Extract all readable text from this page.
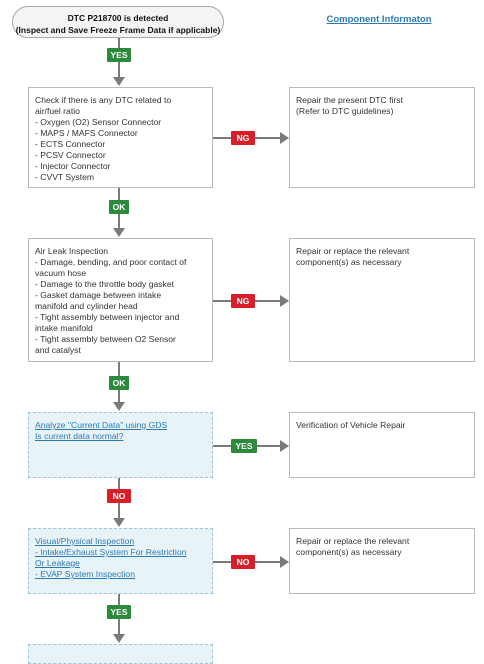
DTC P218700 is detected
(Inspect and Save Freeze Frame Data if applicable)
Component Informaton
YES
Check if there is any DTC related to
air/fuel ratio
- Oxygen (O2) Sensor Connector
- MAPS / MAFS Connector
- ECTS Connector
- PCSV Connector
- Injector Connector
- CVVT System
NG
Repair the present DTC first
(Refer to DTC guidelines)
OK
Air Leak Inspection
- Damage, bending, and poor contact of
vacuum hose
- Damage to the throttle body gasket
- Gasket damage between intake
manifold and cylinder head
- Tight assembly between injector and
intake manifold
- Tight assembly between O2 Sensor
and catalyst
NG
Repair or replace the relevant
component(s) as necessary
OK
Analyze "Current Data" using GDS
Is current data normal?
YES
Verification of Vehicle Repair
NO
Visual/Physical Inspection
- Intake/Exhaust System For Restriction
Or Leakage
- EVAP System Inspection
NO
Repair or replace the relevant
component(s) as necessary
YES
